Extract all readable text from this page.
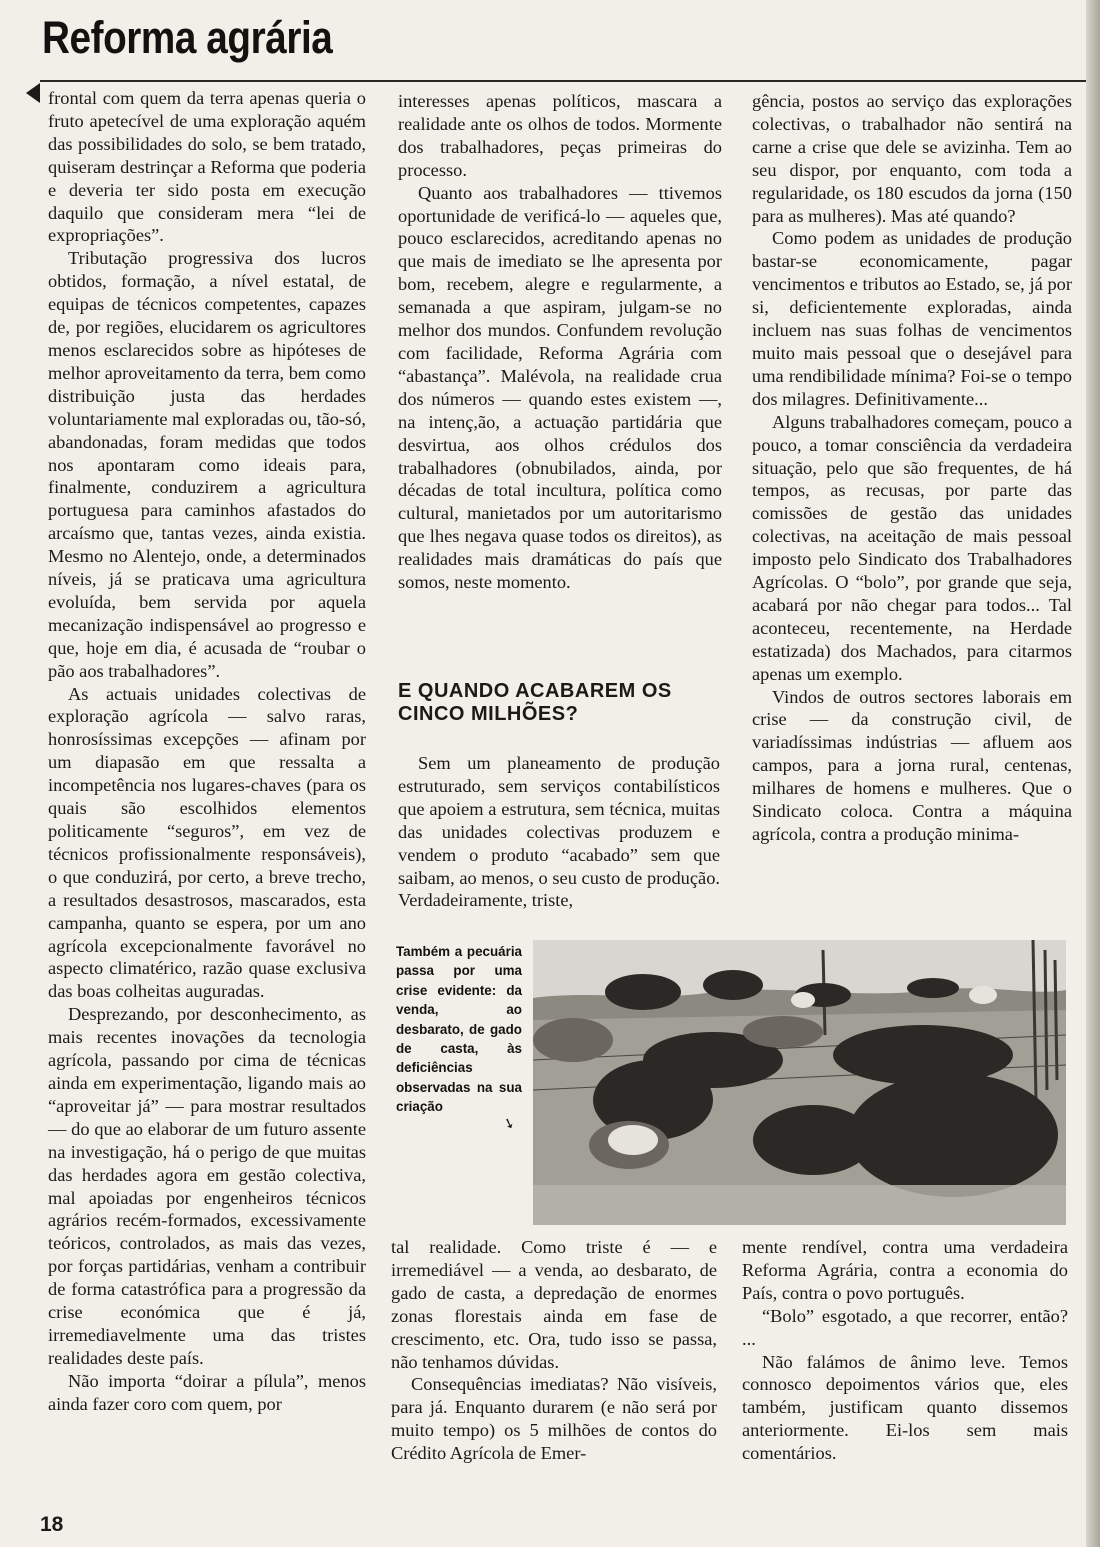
Reforma agrária

frontal com quem da terra apenas queria o fruto apetecível de uma exploração aquém das possibilidades do solo, se bem tratado, quiseram destrinçar a Reforma que poderia e deveria ter sido posta em execução daquilo que consideram mera “lei de expropriações”.

Tributação progressiva dos lucros obtidos, formação, a nível estatal, de equipas de técnicos competentes, capazes de, por regiões, elucidarem os agricultores menos esclarecidos sobre as hipóteses de melhor aproveitamento da terra, bem como distribuição justa das herdades voluntariamente mal exploradas ou, tão-só, abandonadas, foram medidas que todos nos apontaram como ideais para, finalmente, conduzirem a agricultura portuguesa para caminhos afastados do arcaísmo que, tantas vezes, ainda existia. Mesmo no Alentejo, onde, a determinados níveis, já se praticava uma agricultura evoluída, bem servida por aquela mecanização indispensável ao progresso e que, hoje em dia, é acusada de “roubar o pão aos trabalhadores”.

As actuais unidades colectivas de exploração agrícola — salvo raras, honrosíssimas excepções — afinam por um diapasão em que ressalta a incompetência nos lugares-chaves (para os quais são escolhidos elementos politicamente “seguros”, em vez de técnicos profissionalmente responsáveis), o que conduzirá, por certo, a breve trecho, a resultados desastrosos, mascarados, esta campanha, quanto se espera, por um ano agrícola excepcionalmente favorável no aspecto climatérico, razão quase exclusiva das boas colheitas auguradas.

Desprezando, por desconhecimento, as mais recentes inovações da tecnologia agrícola, passando por cima de técnicas ainda em experimentação, ligando mais ao “aproveitar já” — para mostrar resultados — do que ao elaborar de um futuro assente na investigação, há o perigo de que muitas das herdades agora em gestão colectiva, mal apoiadas por engenheiros técnicos agrários recém-formados, excessivamente teóricos, controlados, as mais das vezes, por forças partidárias, venham a contribuir de forma catastrófica para a progressão da crise económica que é já, irremediavelmente uma das tristes realidades deste país.

Não importa “doirar a pílula”, menos ainda fazer coro com quem, por

interesses apenas políticos, mascara a realidade ante os olhos de todos. Mormente dos trabalhadores, peças primeiras do processo.

Quanto aos trabalhadores — ttivemos oportunidade de verificá-lo — aqueles que, pouco esclarecidos, acreditando apenas no que mais de imediato se lhe apresenta por bom, recebem, alegre e regularmente, a semanada a que aspiram, julgam-se no melhor dos mundos. Confundem revolução com facilidade, Reforma Agrária com “abastança”. Malévola, na realidade crua dos números — quando estes existem —, na intenç,ão, a actuação partidária que desvirtua, aos olhos crédulos dos trabalhadores (obnubilados, ainda, por décadas de total incultura, política como cultural, manietados por um autoritarismo que lhes negava quase todos os direitos), as realidades mais dramáticas do país que somos, neste momento.

E QUANDO ACABAREM OS CINCO MILHÕES?

Sem um planeamento de produção estruturado, sem serviços contabilísticos que apoiem a estrutura, sem técnica, muitas das unidades colectivas produzem e vendem o produto “acabado” sem que saibam, ao menos, o seu custo de produção. Verdadeiramente, triste,

gência, postos ao serviço das explorações colectivas, o trabalhador não sentirá na carne a crise que dele se avizinha. Tem ao seu dispor, por enquanto, com toda a regularidade, os 180 escudos da jorna (150 para as mulheres). Mas até quando?

Como podem as unidades de produção bastar-se economicamente, pagar vencimentos e tributos ao Estado, se, já por si, deficientemente exploradas, ainda incluem nas suas folhas de vencimentos muito mais pessoal que o desejável para uma rendibilidade mínima? Foi-se o tempo dos milagres. Definitivamente...

Alguns trabalhadores começam, pouco a pouco, a tomar consciência da verdadeira situação, pelo que são frequentes, de há tempos, as recusas, por parte das comissões de gestão das unidades colectivas, na aceitação de mais pessoal imposto pelo Sindicato dos Trabalhadores Agrícolas. O “bolo”, por grande que seja, acabará por não chegar para todos... Tal aconteceu, recentemente, na Herdade estatizada) dos Machados, para citarmos apenas um exemplo.

Vindos de outros sectores laborais em crise — da construção civil, de variadíssimas indústrias — afluem aos campos, para a jorna rural, centenas, milhares de homens e mulheres. Que o Sindicato coloca. Contra a máquina agrícola, contra a produção minima-

Também a pecuária passa por uma crise evidente: da venda, ao desbarato, de gado de casta, às deficiências observadas na sua criação
➘

tal realidade. Como triste é — e irremediável — a venda, ao desbarato, de gado de casta, a depredação de enormes zonas florestais ainda em fase de crescimento, etc. Ora, tudo isso se passa, não tenhamos dúvidas.

Consequências imediatas? Não visíveis, para já. Enquanto durarem (e não será por muito tempo) os 5 milhões de contos do Crédito Agrícola de Emer-

mente rendível, contra uma verdadeira Reforma Agrária, contra a economia do País, contra o povo português.

“Bolo” esgotado, a que recorrer, então? ...

Não falámos de ânimo leve. Temos connosco depoimentos vários que, eles também, justificam quanto dissemos anteriormente. Ei-los sem mais comentários.

18
